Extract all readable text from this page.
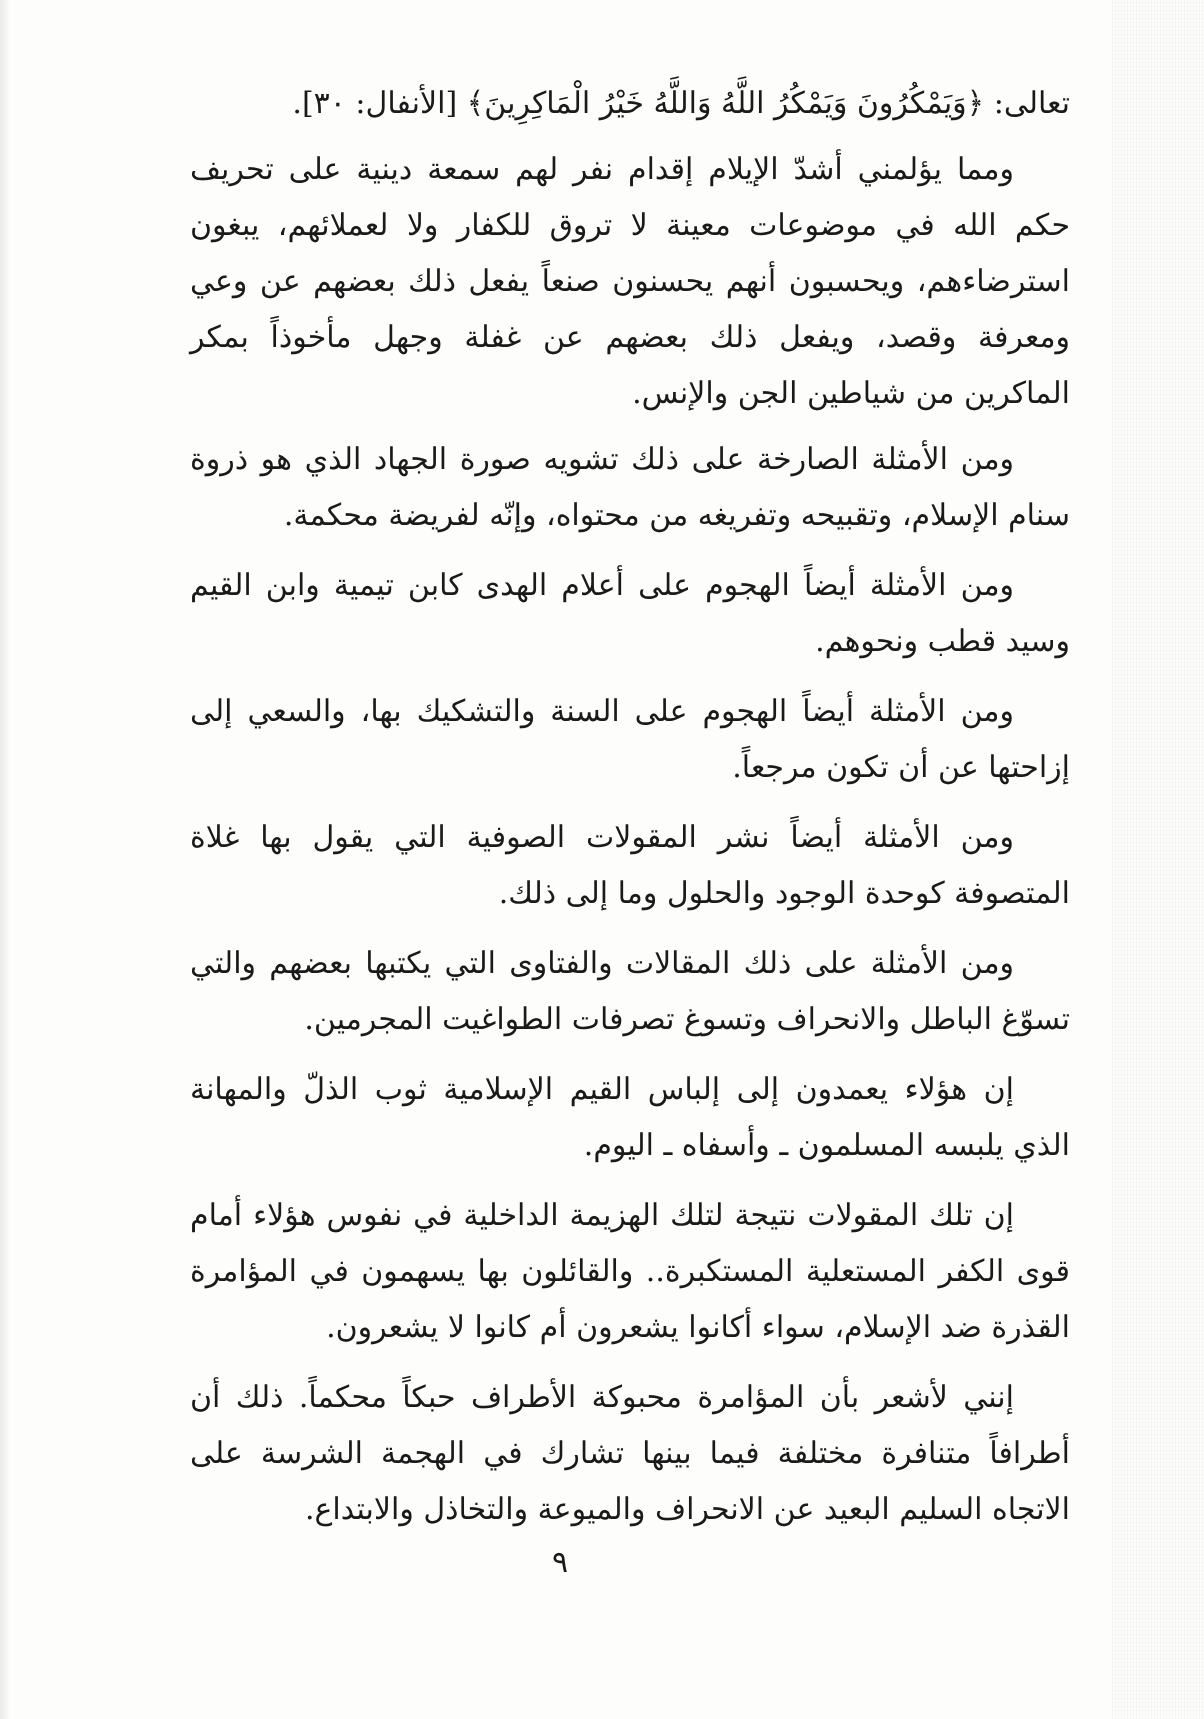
تعالى: ﴿وَيَمْكُرُونَ وَيَمْكُرُ اللَّهُ وَاللَّهُ خَيْرُ الْمَاكِرِينَ﴾ [الأنفال: ٣٠].

ومما يؤلمني أشدّ الإيلام إقدام نفر لهم سمعة دينية على تحريف حكم الله في موضوعات معينة لا تروق للكفار ولا لعملائهم، يبغون استرضاءهم، ويحسبون أنهم يحسنون صنعاً يفعل ذلك بعضهم عن وعي ومعرفة وقصد، ويفعل ذلك بعضهم عن غفلة وجهل مأخوذاً بمكر الماكرين من شياطين الجن والإنس.

ومن الأمثلة الصارخة على ذلك تشويه صورة الجهاد الذي هو ذروة سنام الإسلام، وتقبيحه وتفريغه من محتواه، وإنّه لفريضة محكمة.

ومن الأمثلة أيضاً الهجوم على أعلام الهدى كابن تيمية وابن القيم وسيد قطب ونحوهم.

ومن الأمثلة أيضاً الهجوم على السنة والتشكيك بها، والسعي إلى إزاحتها عن أن تكون مرجعاً.

ومن الأمثلة أيضاً نشر المقولات الصوفية التي يقول بها غلاة المتصوفة كوحدة الوجود والحلول وما إلى ذلك.

ومن الأمثلة على ذلك المقالات والفتاوى التي يكتبها بعضهم والتي تسوّغ الباطل والانحراف وتسوغ تصرفات الطواغيت المجرمين.

إن هؤلاء يعمدون إلى إلباس القيم الإسلامية ثوب الذلّ والمهانة الذي يلبسه المسلمون ـ وأسفاه ـ اليوم.

إن تلك المقولات نتيجة لتلك الهزيمة الداخلية في نفوس هؤلاء أمام قوى الكفر المستعلية المستكبرة.. والقائلون بها يسهمون في المؤامرة القذرة ضد الإسلام، سواء أكانوا يشعرون أم كانوا لا يشعرون.

إنني لأشعر بأن المؤامرة محبوكة الأطراف حبكاً محكماً. ذلك أن أطرافاً متنافرة مختلفة فيما بينها تشارك في الهجمة الشرسة على الاتجاه السليم البعيد عن الانحراف والميوعة والتخاذل والابتداع.

٩
